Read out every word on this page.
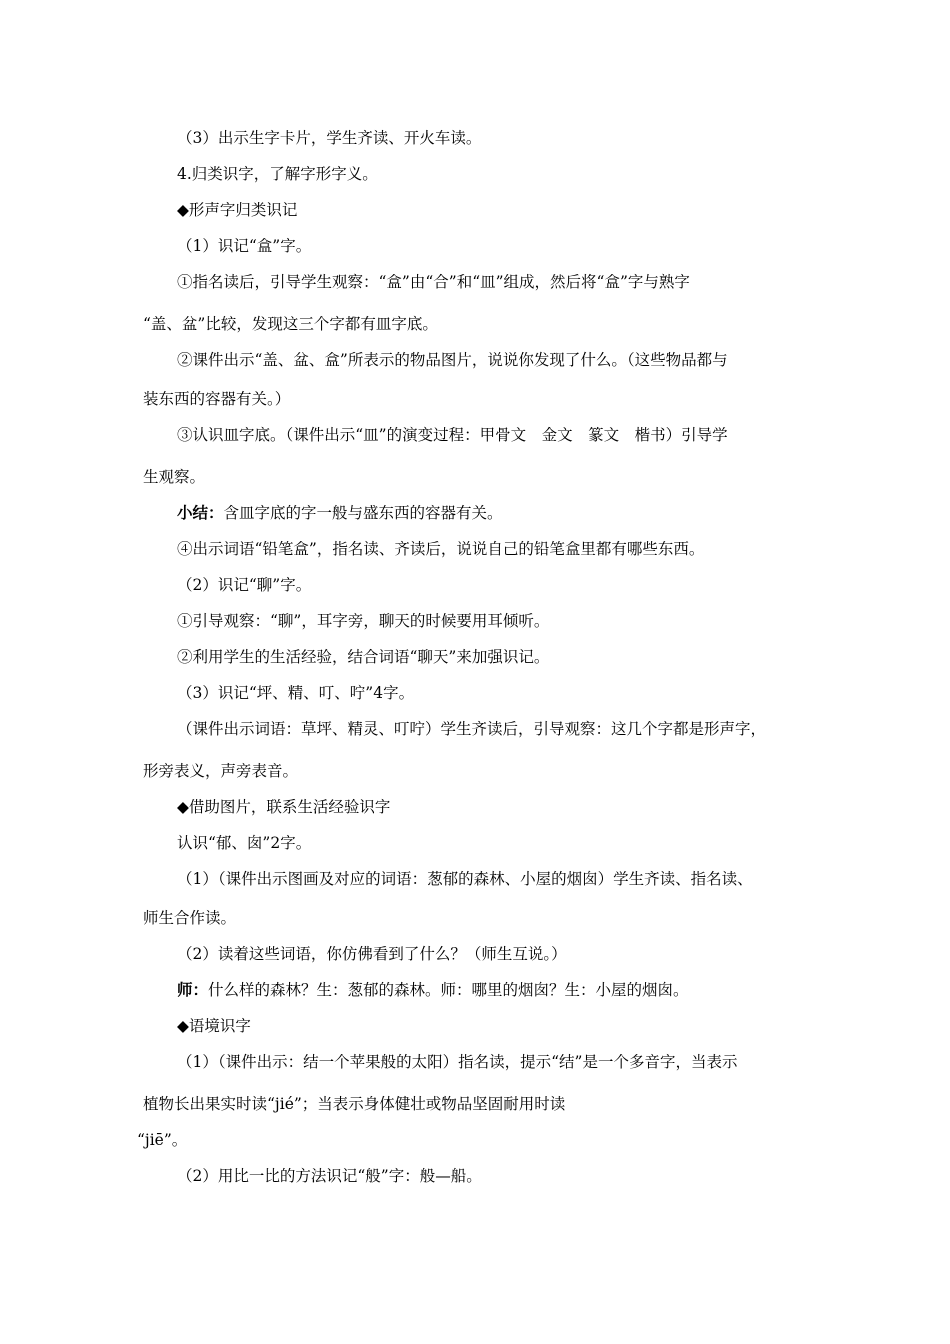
（3）出示生字卡片，学生齐读、开火车读。
4.归类识字，了解字形字义。
◆形声字归类识记
（1）识记“盒”字。
①指名读后，引导学生观察：“盒”由“合”和“皿”组成，然后将“盒”字与熟字
“盖、盆”比较，发现这三个字都有皿字底。
②课件出示“盖、盆、盒”所表示的物品图片，说说你发现了什么。（这些物品都与
装东西的容器有关。）
③认识皿字底。（课件出示“皿”的演变过程：甲骨文　金文　篆文　楷书）引导学
生观察。
小结：含皿字底的字一般与盛东西的容器有关。
④出示词语“铅笔盒”，指名读、齐读后，说说自己的铅笔盒里都有哪些东西。
（2）识记“聊”字。
①引导观察：“聊”，耳字旁，聊天的时候要用耳倾听。
②利用学生的生活经验，结合词语“聊天”来加强识记。
（3）识记“坪、精、叮、咛”4字。
（课件出示词语：草坪、精灵、叮咛）学生齐读后，引导观察：这几个字都是形声字，
形旁表义，声旁表音。
◆借助图片，联系生活经验识字
认识“郁、囱”2字。
（1）（课件出示图画及对应的词语：葱郁的森林、小屋的烟囱）学生齐读、指名读、
师生合作读。
（2）读着这些词语，你仿佛看到了什么？（师生互说。）
师：什么样的森林？生：葱郁的森林。师：哪里的烟囱？生：小屋的烟囱。
◆语境识字
（1）（课件出示：结一个苹果般的太阳）指名读，提示“结”是一个多音字，当表示
植物长出果实时读“jié”；当表示身体健壮或物品坚固耐用时读
“jiē”。
（2）用比一比的方法识记“般”字：般—船。
